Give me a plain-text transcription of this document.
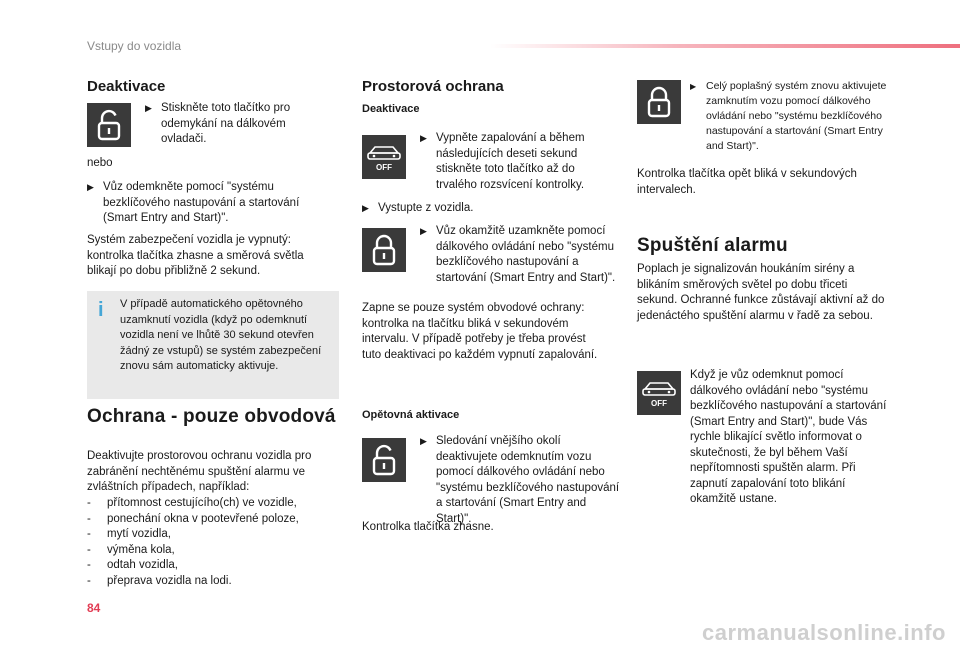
Vstupy do vozidla
Deaktivace
▶ Stiskněte toto tlačítko pro odemykání na dálkovém ovladači.

nebo

▶ Vůz odemkněte pomocí "systému bezklíčového nastupování a startování (Smart Entry and Start)".

Systém zabezpečení vozidla je vypnutý: kontrolka tlačítka zhasne a směrová světla blikají po dobu přibližně 2 sekund.

i V případě automatického opětovného uzamknutí vozidla (když po odemknutí vozidla není ve lhůtě 30 sekund otevřen žádný ze vstupů) se systém zabezpečení znovu sám automaticky aktivuje.

Ochrana - pouze obvodová

Deaktivujte prostorovou ochranu vozidla pro zabránění nechtěnému spuštění alarmu ve zvláštních případech, například:

-	přítomnost cestujícího(ch) ve vozidle,
-	ponechání okna v pootevřené poloze,
-	mytí vozidla,
-	výměna kola,
-	odtah vozidla,
-	přeprava vozidla na lodi.
Prostorová ochrana
Deaktivace
OFF
▶ Vypněte zapalování a během následujících deseti sekund stiskněte toto tlačítko až do trvalého rozsvícení kontrolky.
▶ Vystupte z vozidla.
▶ Vůz okamžitě uzamkněte pomocí dálkového ovládání nebo "systému bezklíčového nastupování a startování (Smart Entry and Start)".

Zapne se pouze systém obvodové ochrany: kontrolka na tlačítku bliká v sekundovém intervalu. V případě potřeby je třeba provést tuto deaktivaci po každém vypnutí zapalování.

Opětovná aktivace
▶ Sledování vnějšího okolí deaktivujete odemknutím vozu pomocí dálkového ovládání nebo "systému bezklíčového nastupování a startování (Smart Entry and Start)".

Kontrolka tlačítka zhasne.

▶ Celý poplašný systém znovu aktivujete zamknutím vozu pomocí dálkového ovládání nebo "systému bezklíčového nastupování a startování (Smart Entry and Start)".

Kontrolka tlačítka opět bliká v sekundových intervalech.

Spuštění alarmu

Poplach je signalizován houkáním sirény a blikáním směrových světel po dobu třiceti sekund. Ochranné funkce zůstávají aktivní až do jedenáctého spuštění alarmu v řadě za sebou.

OFF

Když je vůz odemknut pomocí dálkového ovládání nebo "systému bezklíčového nastupování a startování (Smart Entry and Start)", bude Vás rychle blikající světlo informovat o skutečnosti, že byl během Vaší nepřítomnosti spuštěn alarm. Při zapnutí zapalování toto blikání okamžitě ustane.

84
carmanualsonline.info
